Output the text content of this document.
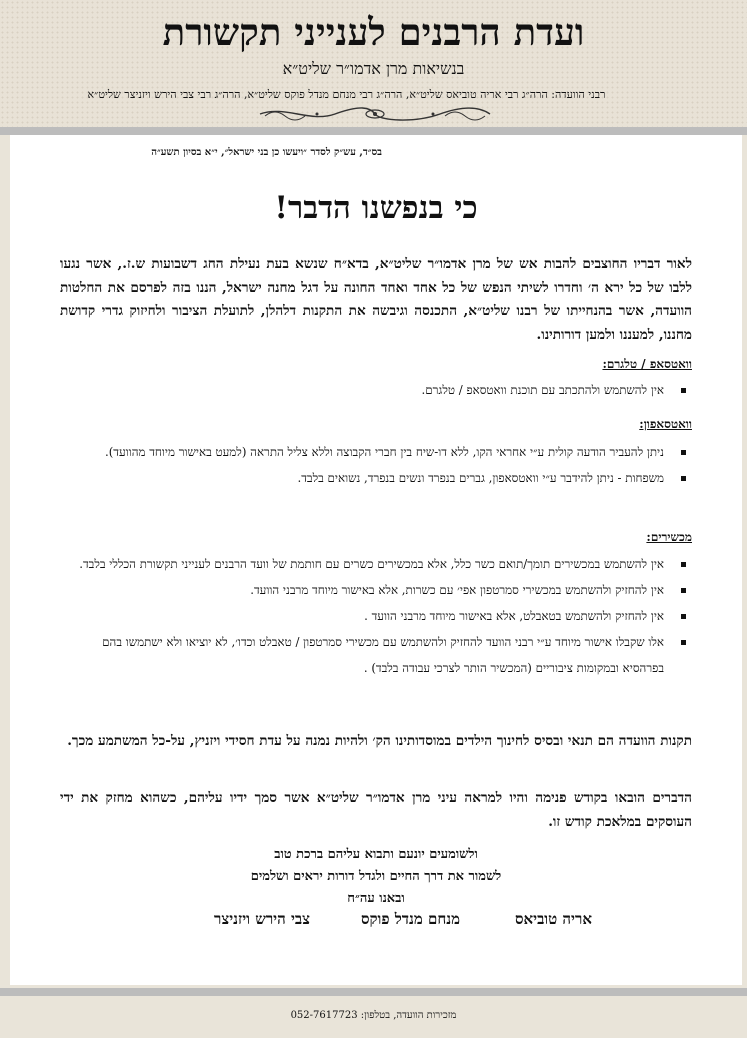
ועדת הרבנים לענייני תקשורת
בנשיאות מרן אדמו״ר שליט״א
רבני הוועדה: הרה״ג רבי אריה טוביאס שליט״א, הרה״ג רבי מנחם מנדל פוקס שליט״א, הרה״ג רבי צבי הירש ויזניצר שליט״א
בס״ד, עש״ק לסדר ״ויעשו כן בני ישראל״, י״א בסיון תשע״ה
כי בנפשנו הדבר!
לאור דבריו החוצבים להבות אש של מרן אדמו״ר שליט״א, בדא״ח שנשא בעת נעילת החג דשבועות ש.ז., אשר נגעו ללבו של כל ירא ה׳ וחדרו לשיתי הנפש של כל אחד ואחד החונה על דגל מחנה ישראל, הננו בזה לפרסם את החלטות הוועדה, אשר בהנחייתו של רבנו שליט״א, התכנסה וגיבשה את התקנות דלהלן, לתועלת הציבור ולחיזוק גדרי קדושת מחננו, למעננו ולמען דורותינו.
וואטסאפ / טלגרם:
אין להשתמש ולהתכתב עם תוכנת וואטסאפ / טלגרם.
וואטסאפון:
ניתן להעביר הודעה קולית ע״י אחראי הקו, ללא דו-שיח בין חברי הקבוצה וללא צליל התראה (למעט באישור מיוחד מהוועד).
משפחות - ניתן להידבר ע״י וואטסאפון, גברים בנפרד ונשים בנפרד, נשואים בלבד.
מכשירים:
אין להשתמש במכשירים תומך/תואם כשר כלל, אלא במכשירים כשרים עם חותמת של וועד הרבנים לענייני תקשורת הכללי בלבד.
אין להחזיק ולהשתמש במכשירי סמרטפון אפי׳ עם כשרות, אלא באישור מיוחד מרבני הוועד.
אין להחזיק ולהשתמש בטאבלט, אלא באישור מיוחד מרבני הוועד .
אלו שקבלו אישור מיוחד ע״י רבני הוועד להחזיק ולהשתמש עם מכשירי סמרטפון / טאבלט וכדו׳, לא יוציאו ולא ישתמשו בהם בפרהסיא ובמקומות ציבוריים (המכשיר הותר לצרכי עבודה בלבד) .
תקנות הוועדה הם תנאי ובסיס לחינוך הילדים במוסדותינו הק׳ ולהיות נמנה על עדת חסידי ויזניץ, על-כל המשתמע מכך.
הדברים הובאו בקודש פנימה והיו למראה עיני מרן אדמו״ר שליט״א אשר סמך ידיו עליהם, כשהוא מחזק את ידי העוסקים במלאכת קודש זו.
ולשומעים יונעם ותבוא עליהם ברכת טוב
לשמור את דרך החיים ולגדל דורות יראים ושלמים
ובאנו עה״ח
אריה טוביאס
מנחם מנדל פוקס
צבי הירש ויזניצר
מזכירות הוועדה, בטלפון: 052-7617723
